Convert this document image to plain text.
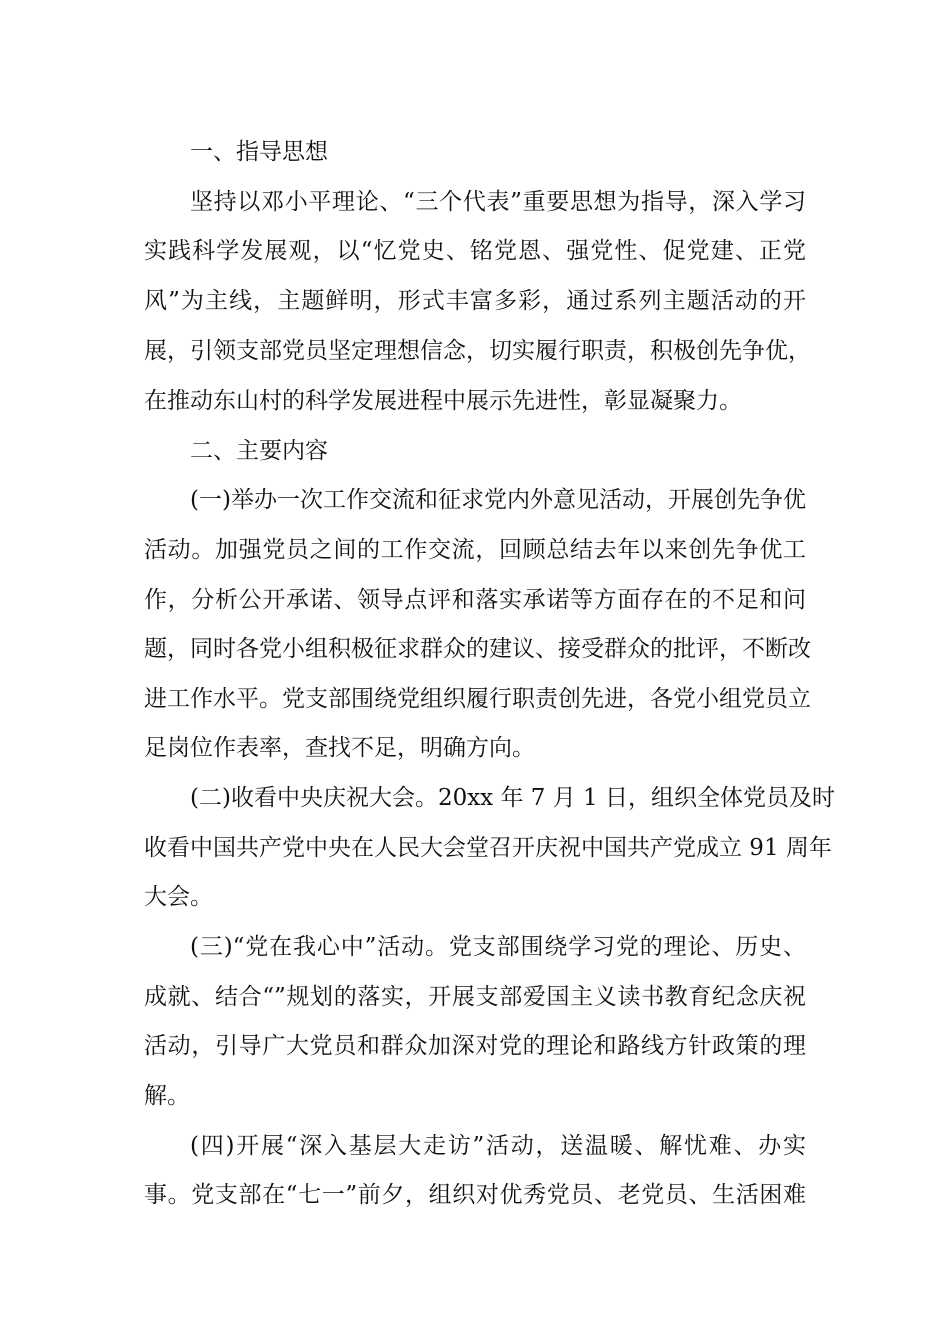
一、指导思想
坚持以邓小平理论、“三个代表”重要思想为指导，深入学习
实践科学发展观，以“忆党史、铭党恩、强党性、促党建、正党
风”为主线，主题鲜明，形式丰富多彩，通过系列主题活动的开
展，引领支部党员坚定理想信念，切实履行职责，积极创先争优，
在推动东山村的科学发展进程中展示先进性，彰显凝聚力。
二、主要内容
(一)举办一次工作交流和征求党内外意见活动，开展创先争优
活动。加强党员之间的工作交流，回顾总结去年以来创先争优工
作，分析公开承诺、领导点评和落实承诺等方面存在的不足和问
题，同时各党小组积极征求群众的建议、接受群众的批评，不断改
进工作水平。党支部围绕党组织履行职责创先进，各党小组党员立
足岗位作表率，查找不足，明确方向。
(二)收看中央庆祝大会。20xx 年 7 月 1 日，组织全体党员及时
收看中国共产党中央在人民大会堂召开庆祝中国共产党成立 91 周年
大会。
(三)“党在我心中”活动。党支部围绕学习党的理论、历史、
成就、结合“”规划的落实，开展支部爱国主义读书教育纪念庆祝
活动，引导广大党员和群众加深对党的理论和路线方针政策的理
解。
(四)开展“深入基层大走访”活动，送温暖、解忧难、办实
事。党支部在“七一”前夕，组织对优秀党员、老党员、生活困难
